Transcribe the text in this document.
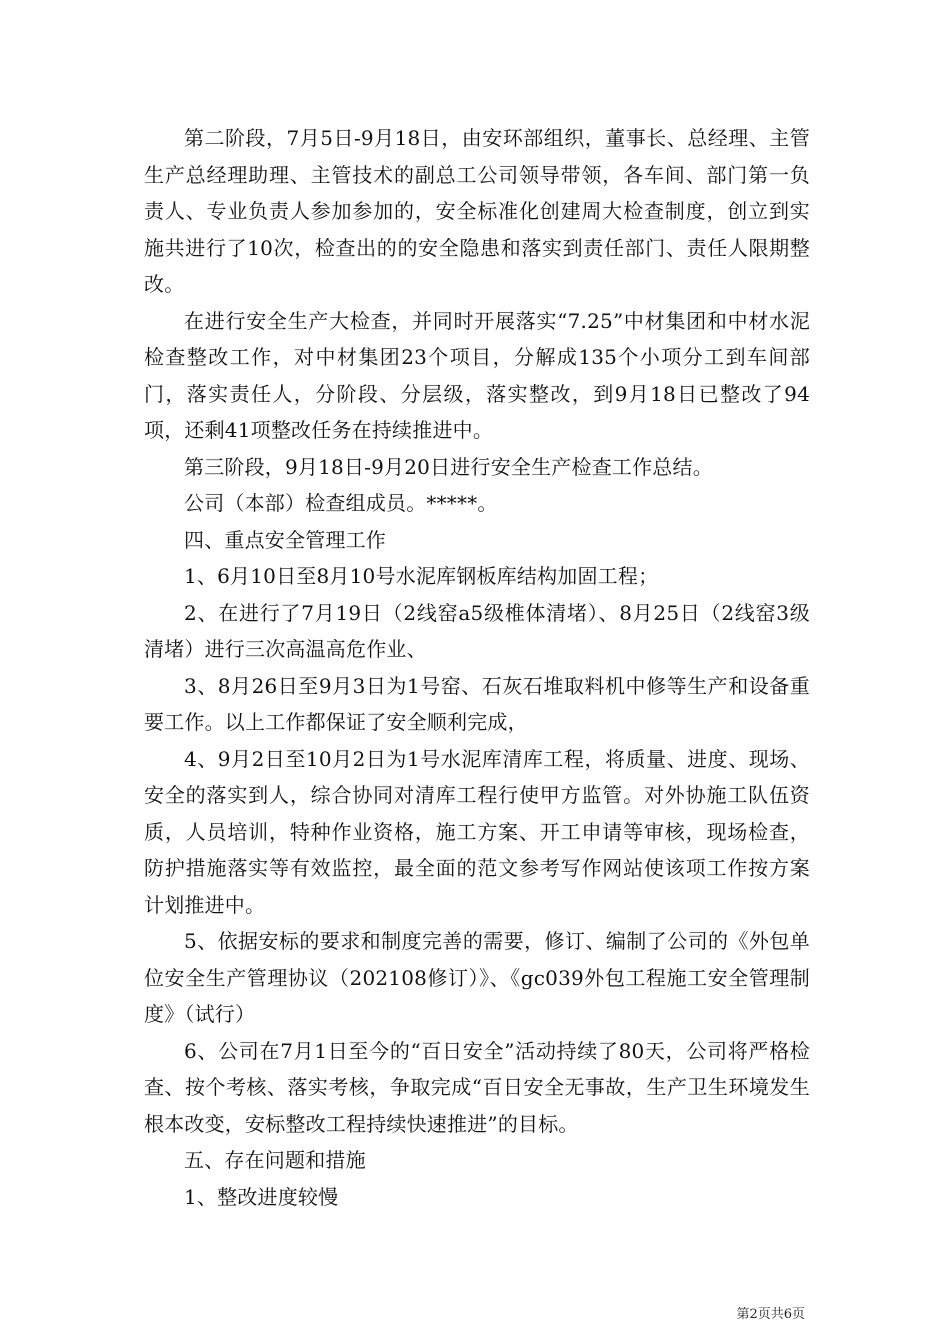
第二阶段，7月5日-9月18日，由安环部组织，董事长、总经理、主管生产总经理助理、主管技术的副总工公司领导带领，各车间、部门第一负责人、专业负责人参加参加的，安全标准化创建周大检查制度，创立到实施共进行了10次，检查出的的安全隐患和落实到责任部门、责任人限期整改。

在进行安全生产大检查，并同时开展落实“7.25”中材集团和中材水泥检查整改工作，对中材集团23个项目，分解成135个小项分工到车间部门，落实责任人，分阶段、分层级，落实整改，到9月18日已整改了94项，还剩41项整改任务在持续推进中。

第三阶段，9月18日-9月20日进行安全生产检查工作总结。

公司（本部）检查组成员。*****。

四、重点安全管理工作

1、6月10日至8月10号水泥库钢板库结构加固工程；

2、在进行了7月19日（2线窑a5级椎体清堵）、8月25日（2线窑3级清堵）进行三次高温高危作业、

3、8月26日至9月3日为1号窑、石灰石堆取料机中修等生产和设备重要工作。以上工作都保证了安全顺利完成，

4、9月2日至10月2日为1号水泥库清库工程，将质量、进度、现场、安全的落实到人，综合协同对清库工程行使甲方监管。对外协施工队伍资质，人员培训，特种作业资格，施工方案、开工申请等审核，现场检查，防护措施落实等有效监控，最全面的范文参考写作网站使该项工作按方案计划推进中。

5、依据安标的要求和制度完善的需要，修订、编制了公司的《外包单位安全生产管理协议（202108修订）》、《gc039外包工程施工安全管理制度》（试行）

6、公司在7月1日至今的“百日安全”活动持续了80天，公司将严格检查、按个考核、落实考核，争取完成“百日安全无事故，生产卫生环境发生根本改变，安标整改工程持续快速推进”的目标。

五、存在问题和措施

1、整改进度较慢

第2页共6页
